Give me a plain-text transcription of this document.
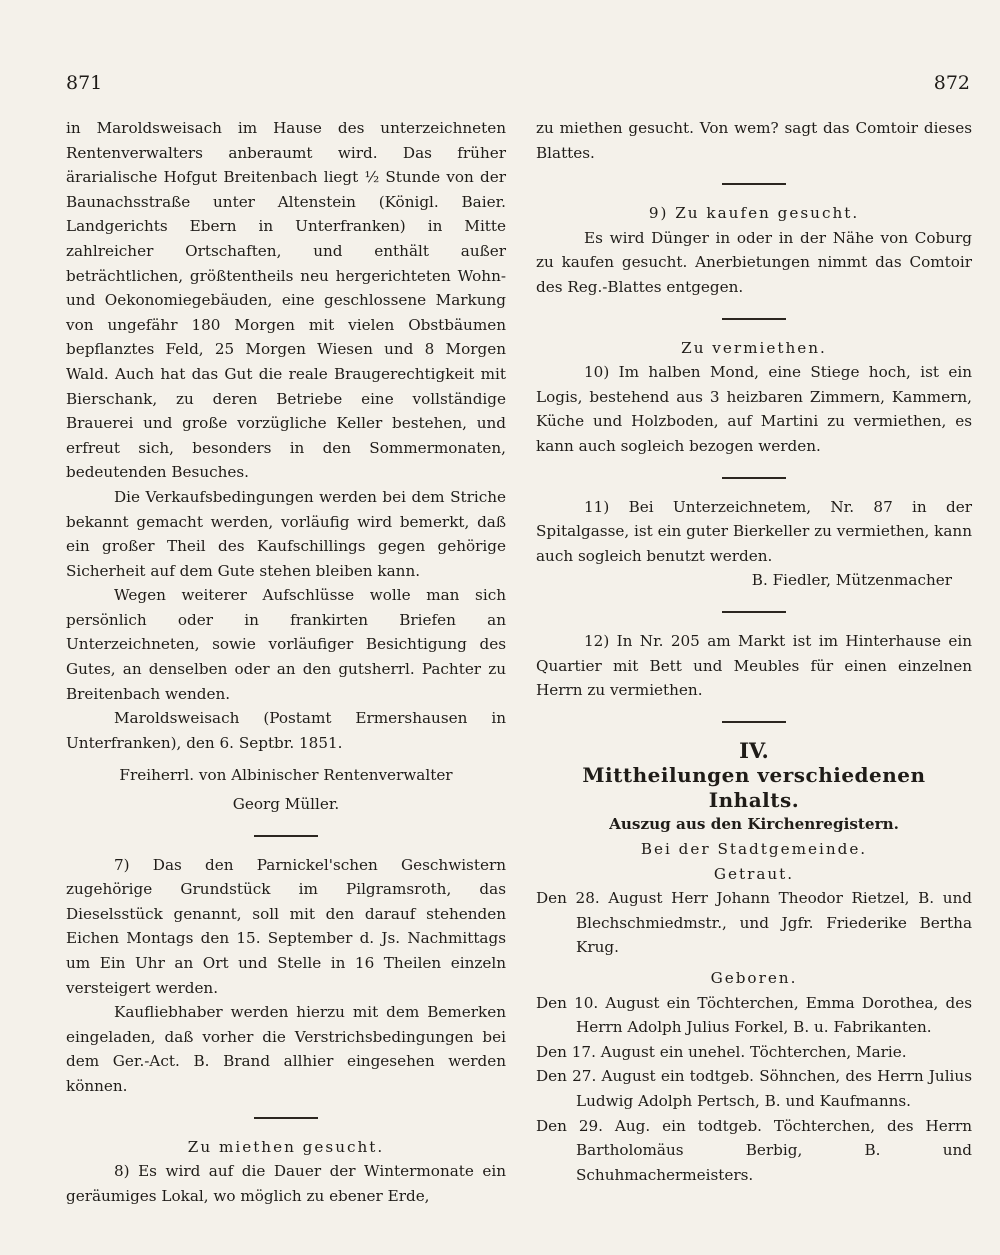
871	872

in Maroldsweisach im Hause des unterzeichneten Rentenverwalters anberaumt wird. Das früher ärarialische Hofgut Breitenbach liegt ½ Stunde von der Baunachsstraße unter Altenstein (Königl. Baier. Landgerichts Ebern in Unterfranken) in Mitte zahlreicher Ortschaften, und enthält außer beträchtlichen, größtentheils neu hergerichteten Wohn- und Oekonomiegebäuden, eine geschlossene Markung von ungefähr 180 Morgen mit vielen Obstbäumen bepflanztes Feld, 25 Morgen Wiesen und 8 Morgen Wald. Auch hat das Gut die reale Braugerechtigkeit mit Bierschank, zu deren Betriebe eine vollständige Brauerei und große vorzügliche Keller bestehen, und erfreut sich, besonders in den Sommermonaten, bedeutenden Besuches.

Die Verkaufsbedingungen werden bei dem Striche bekannt gemacht werden, vorläufig wird bemerkt, daß ein großer Theil des Kaufschillings gegen gehörige Sicherheit auf dem Gute stehen bleiben kann.

Wegen weiterer Aufschlüsse wolle man sich persönlich oder in frankirten Briefen an Unterzeichneten, sowie vorläufiger Besichtigung des Gutes, an denselben oder an den gutsherrl. Pachter zu Breitenbach wenden.

Maroldsweisach (Postamt Ermershausen in Unterfranken), den 6. Septbr. 1851.

Freiherrl. von Albinischer Rentenverwalter

Georg Müller.

7) Das den Parnickel'schen Geschwistern zugehörige Grundstück im Pilgramsroth, das Dieselsstück genannt, soll mit den darauf stehenden Eichen Montags den 15. September d. Js. Nachmittags um Ein Uhr an Ort und Stelle in 16 Theilen einzeln versteigert werden.

Kaufliebhaber werden hierzu mit dem Bemerken eingeladen, daß vorher die Verstrichsbedingungen bei dem Ger.-Act. B. Brand allhier eingesehen werden können.

Zu miethen gesucht.

8) Es wird auf die Dauer der Wintermonate ein geräumiges Lokal, wo möglich zu ebener Erde,

zu miethen gesucht. Von wem? sagt das Comtoir dieses Blattes.

9) Zu kaufen gesucht.

Es wird Dünger in oder in der Nähe von Coburg zu kaufen gesucht. Anerbietungen nimmt das Comtoir des Reg.-Blattes entgegen.

Zu vermiethen.

10) Im halben Mond, eine Stiege hoch, ist ein Logis, bestehend aus 3 heizbaren Zimmern, Kammern, Küche und Holzboden, auf Martini zu vermiethen, es kann auch sogleich bezogen werden.

11) Bei Unterzeichnetem, Nr. 87 in der Spitalgasse, ist ein guter Bierkeller zu vermiethen, kann auch sogleich benutzt werden.

B. Fiedler, Mützenmacher

12) In Nr. 205 am Markt ist im Hinterhause ein Quartier mit Bett und Meubles für einen einzelnen Herrn zu vermiethen.

IV.

Mittheilungen verschiedenen Inhalts.

Auszug aus den Kirchenregistern.

Bei der Stadtgemeinde.

Getraut.

Den 28. August Herr Johann Theodor Rietzel, B. und Blechschmiedmstr., und Jgfr. Friederike Bertha Krug.

Geboren.

Den 10. August ein Töchterchen, Emma Dorothea, des Herrn Adolph Julius Forkel, B. u. Fabrikanten.

Den 17. August ein unehel. Töchterchen, Marie.

Den 27. August ein todtgeb. Söhnchen, des Herrn Julius Ludwig Adolph Pertsch, B. und Kaufmanns.

Den 29. Aug. ein todtgeb. Töchterchen, des Herrn Bartholomäus Berbig, B. und Schuhmachermeisters.
